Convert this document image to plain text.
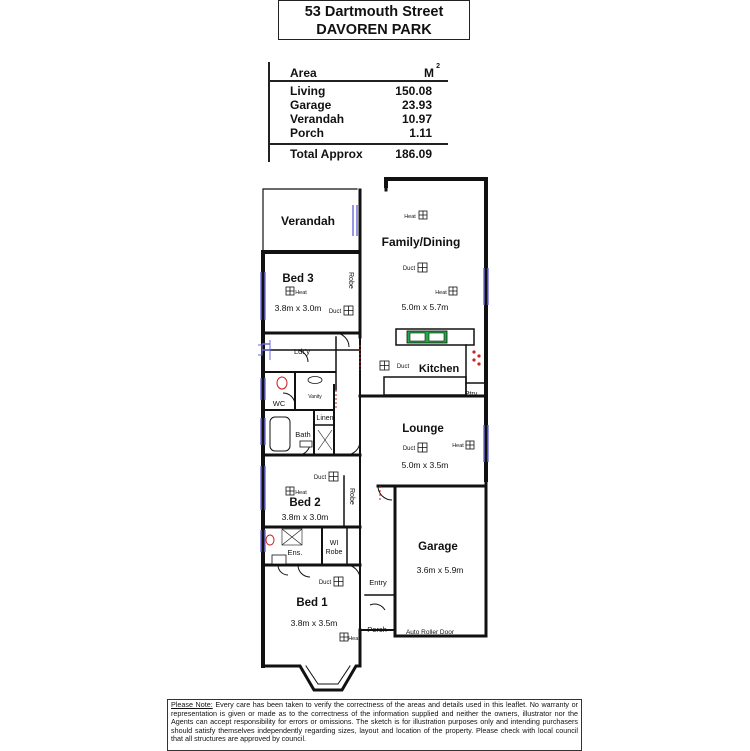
53 Dartmouth Street
DAVOREN PARK
Area	M 2
Living	150.08
Garage	23.93
Verandah	10.97
Porch	1.11
Total Approx	186.09
Verandah
Family/Dining
5.0m x 5.7m
Bed 3
3.8m x 3.0m
Robe
Ldr'y
Kitchen
Ptry
WC
Vanity
Linen
Bath	Lounge
5.0m x 3.5m
Bed 2
3.8m x 3.0m
Robe
Ens.
WI
Robe	Garage
3.6m x 5.9m
Entry
Bed 1
3.8m x 3.5m
Porch	Auto Roller Door
Heat
Duct
Heat
Heat
Duct
Duct
Duct	Heat
Duct
Heat
Duct
Heat
Please Note: Every care has been taken to verify the correctness of the areas and details used in this leaflet. No warranty or representation is given or made as to the correctness of the information supplied and neither the owners, illustrator nor the Agents can accept responsibility for errors or omissions. The sketch is for illustration purposes only and intending purchasers should satisfy themselves independently regarding sizes, layout and location of the property. Please check with local council that all structures are approved by council.
